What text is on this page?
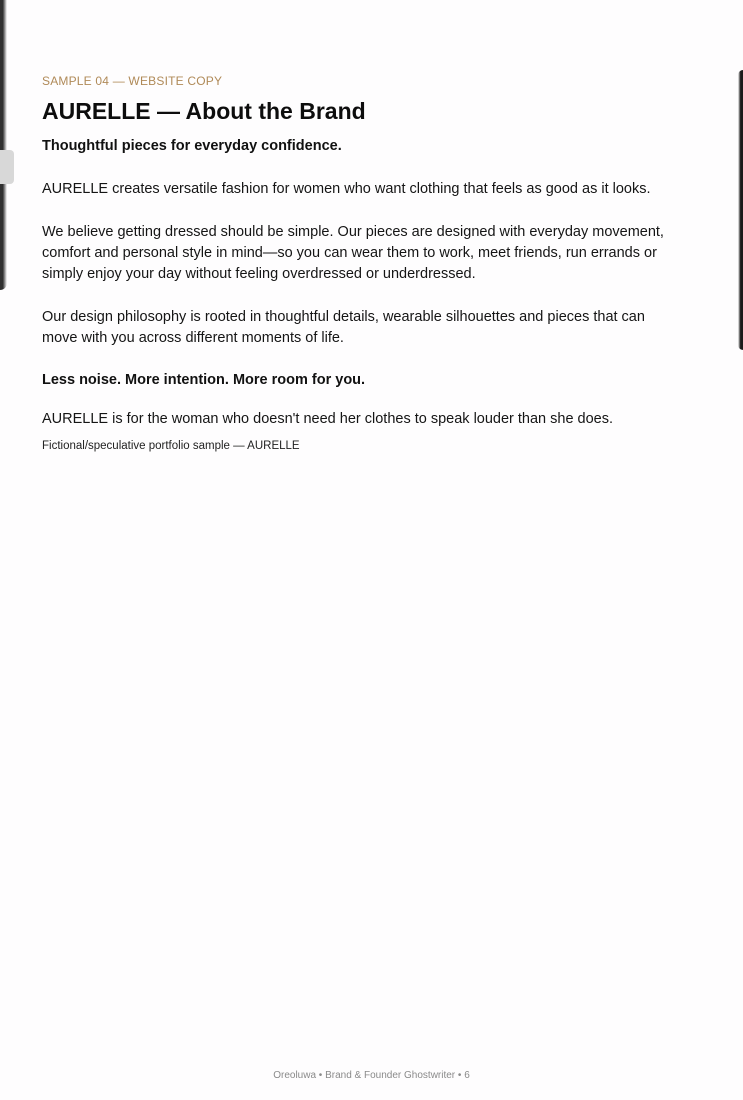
SAMPLE 04 — WEBSITE COPY

AURELLE — About the Brand

Thoughtful pieces for everyday confidence.

AURELLE creates versatile fashion for women who want clothing that feels as good as it looks.

We believe getting dressed should be simple. Our pieces are designed with everyday movement, comfort and personal style in mind—so you can wear them to work, meet friends, run errands or simply enjoy your day without feeling overdressed or underdressed.

Our design philosophy is rooted in thoughtful details, wearable silhouettes and pieces that can move with you across different moments of life.

Less noise. More intention. More room for you.

AURELLE is for the woman who doesn't need her clothes to speak louder than she does.

Fictional/speculative portfolio sample — AURELLE

Oreoluwa • Brand & Founder Ghostwriter • 6
